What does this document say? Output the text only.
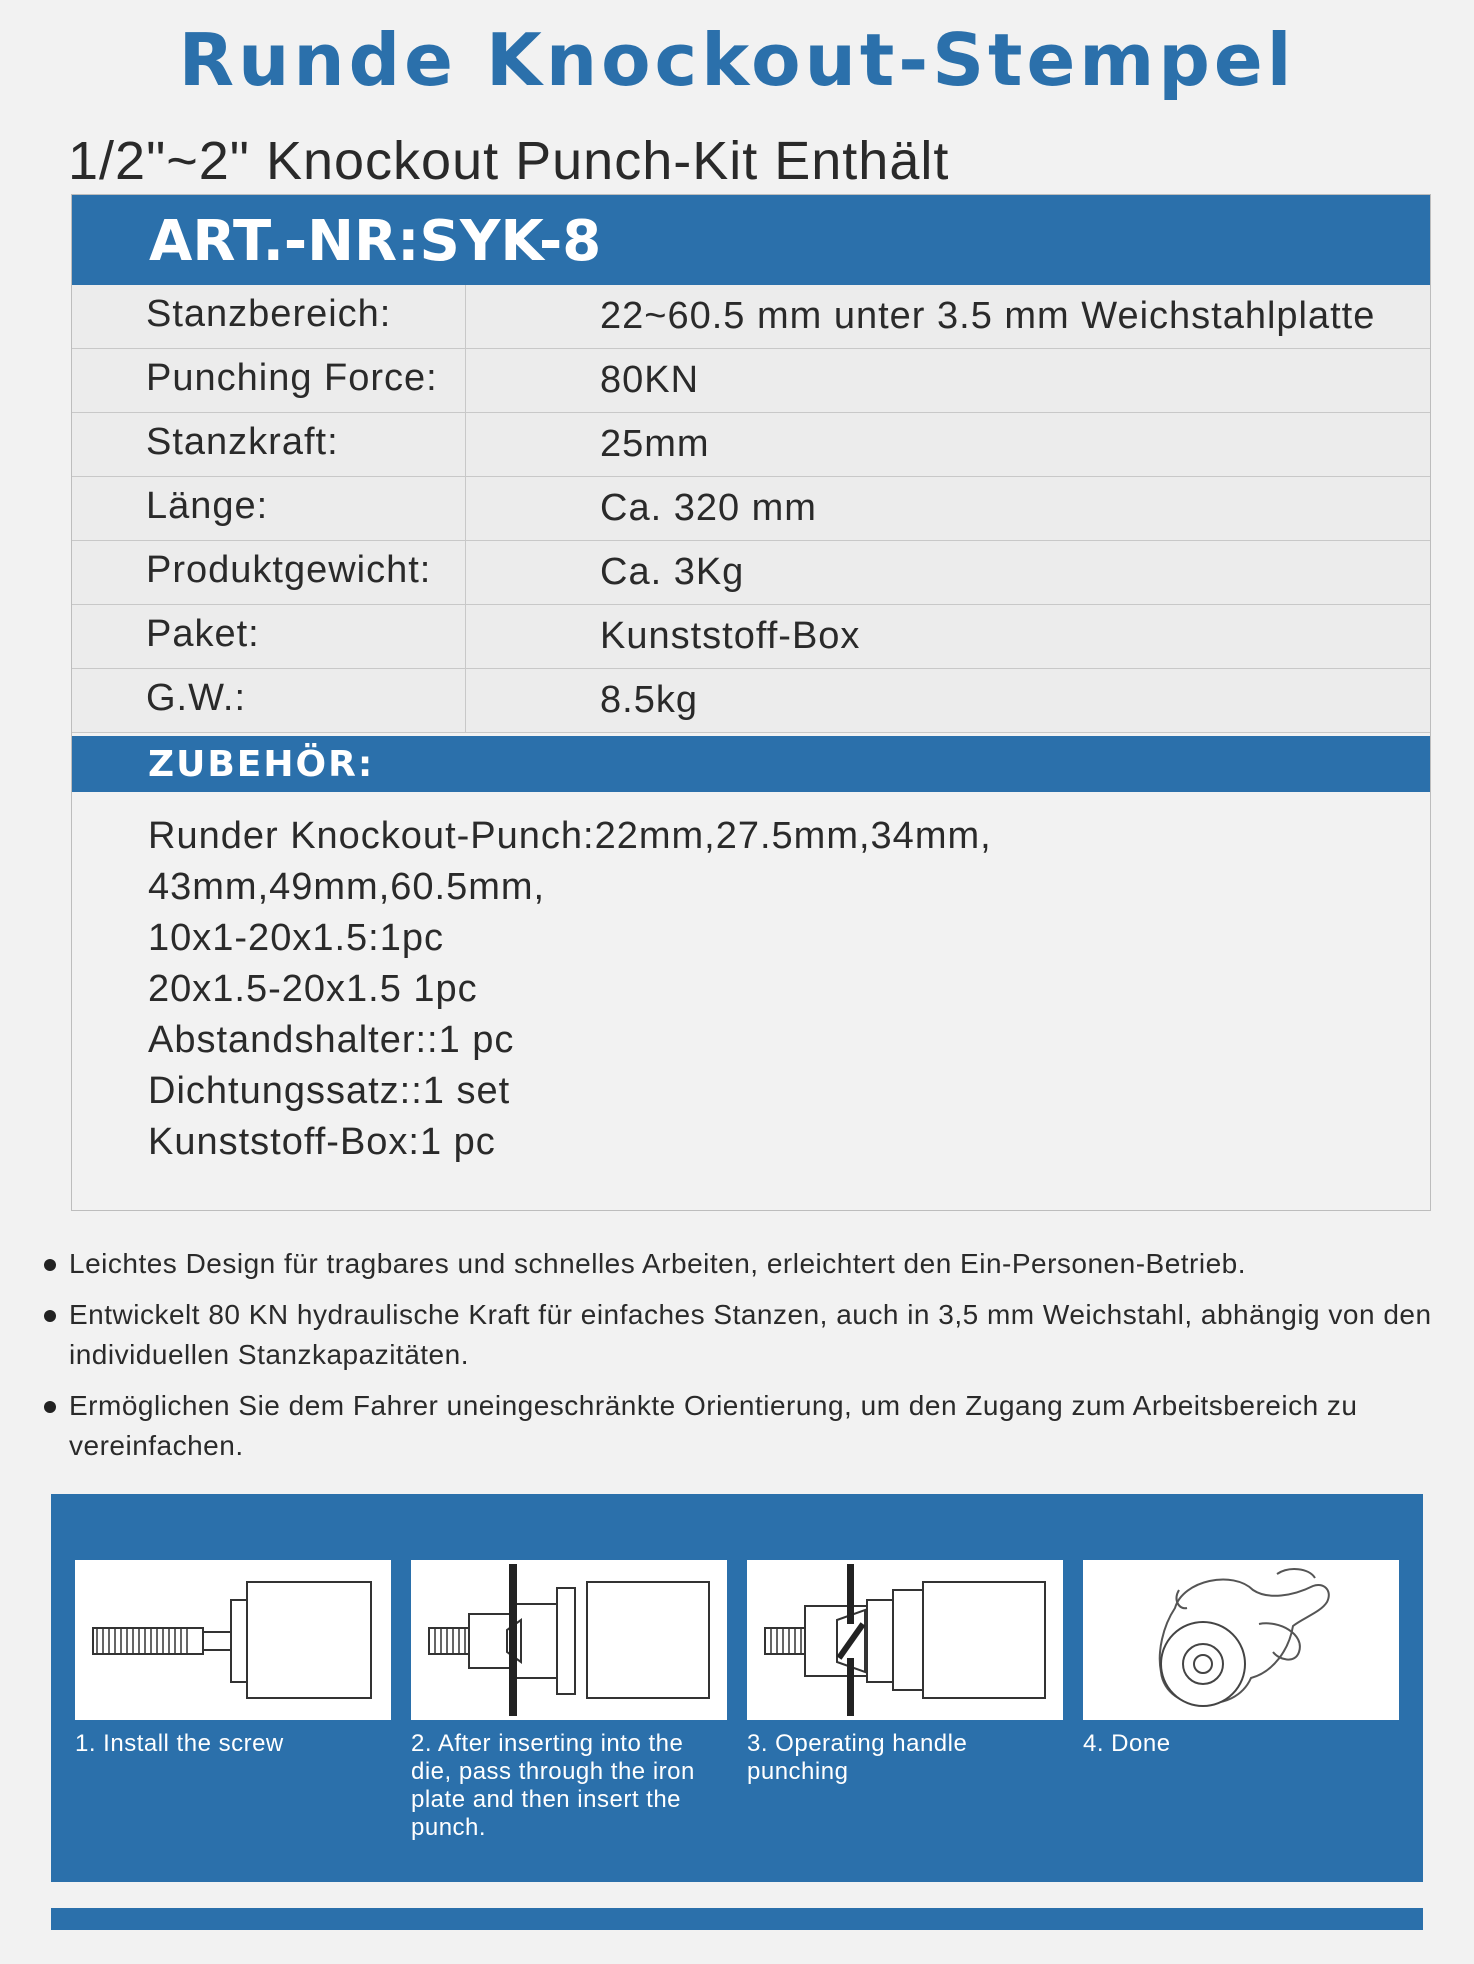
Runde Knockout-Stempel
1/2"~2" Knockout Punch-Kit Enthält
ART.-NR:SYK-8
Stanzbereich:	22~60.5 mm unter 3.5 mm Weichstahlplatte
Punching Force:	80KN
Stanzkraft:	25mm
Länge:	Ca. 320 mm
Produktgewicht:	Ca. 3Kg
Paket:	Kunststoff-Box
G.W.:	8.5kg
ZUBEHÖR:
Runder Knockout-Punch:22mm,27.5mm,34mm,
43mm,49mm,60.5mm,
10x1-20x1.5:1pc
20x1.5-20x1.5 1pc
Abstandshalter::1 pc
Dichtungssatz::1 set
Kunststoff-Box:1 pc
Leichtes Design für tragbares und schnelles Arbeiten, erleichtert den Ein-Personen-Betrieb.
Entwickelt 80 KN hydraulische Kraft für einfaches Stanzen, auch in 3,5 mm Weichstahl, abhängig von den individuellen Stanzkapazitäten.
Ermöglichen Sie dem Fahrer uneingeschränkte Orientierung, um den Zugang zum Arbeitsbereich zu vereinfachen.
1. Install the screw	2. After inserting into the die, pass through the iron plate and then insert the punch.
3. Operating handle punching
4. Done
